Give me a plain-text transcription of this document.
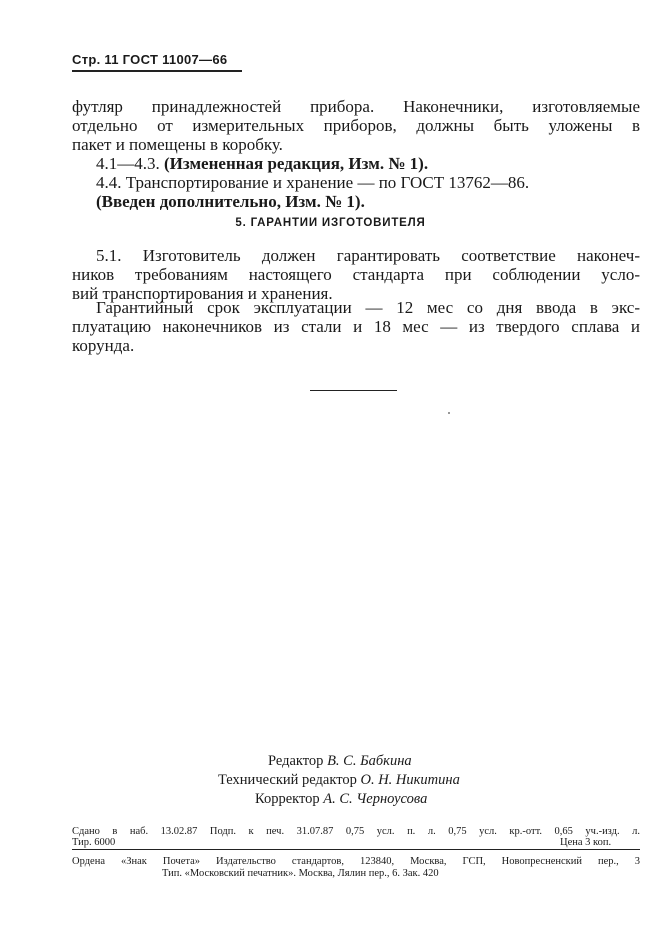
Стр. 11 ГОСТ 11007—66
футляр принадлежностей прибора. Наконечники, изготовляемые
отдельно от измерительных приборов, должны быть уложены в
пакет и помещены в коробку.
4.1—4.3. (Измененная редакция, Изм. № 1).
4.4. Транспортирование и хранение — по ГОСТ 13762—86.
(Введен дополнительно, Изм. № 1).
5. ГАРАНТИИ ИЗГОТОВИТЕЛЯ
5.1. Изготовитель должен гарантировать соответствие наконеч-
ников требованиям настоящего стандарта при соблюдении усло-
вий транспортирования и хранения.
Гарантийный срок эксплуатации — 12 мес со дня ввода в экс-
плуатацию наконечников из стали и 18 мес — из твердого сплава и
корунда.
Редактор В. С. Бабкина
Технический редактор О. Н. Никитина
Корректор А. С. Черноусова
Сдано в наб. 13.02.87 Подп. к печ. 31.07.87 0,75 усл. п. л. 0,75 усл. кр.-отт. 0,65 уч.-изд. л.
Тир. 6000	Цена 3 коп.
Ордена «Знак Почета» Издательство стандартов, 123840, Москва, ГСП, Новопресненский пер., 3
Тип. «Московский печатник». Москва, Лялин пер., 6. Зак. 420
